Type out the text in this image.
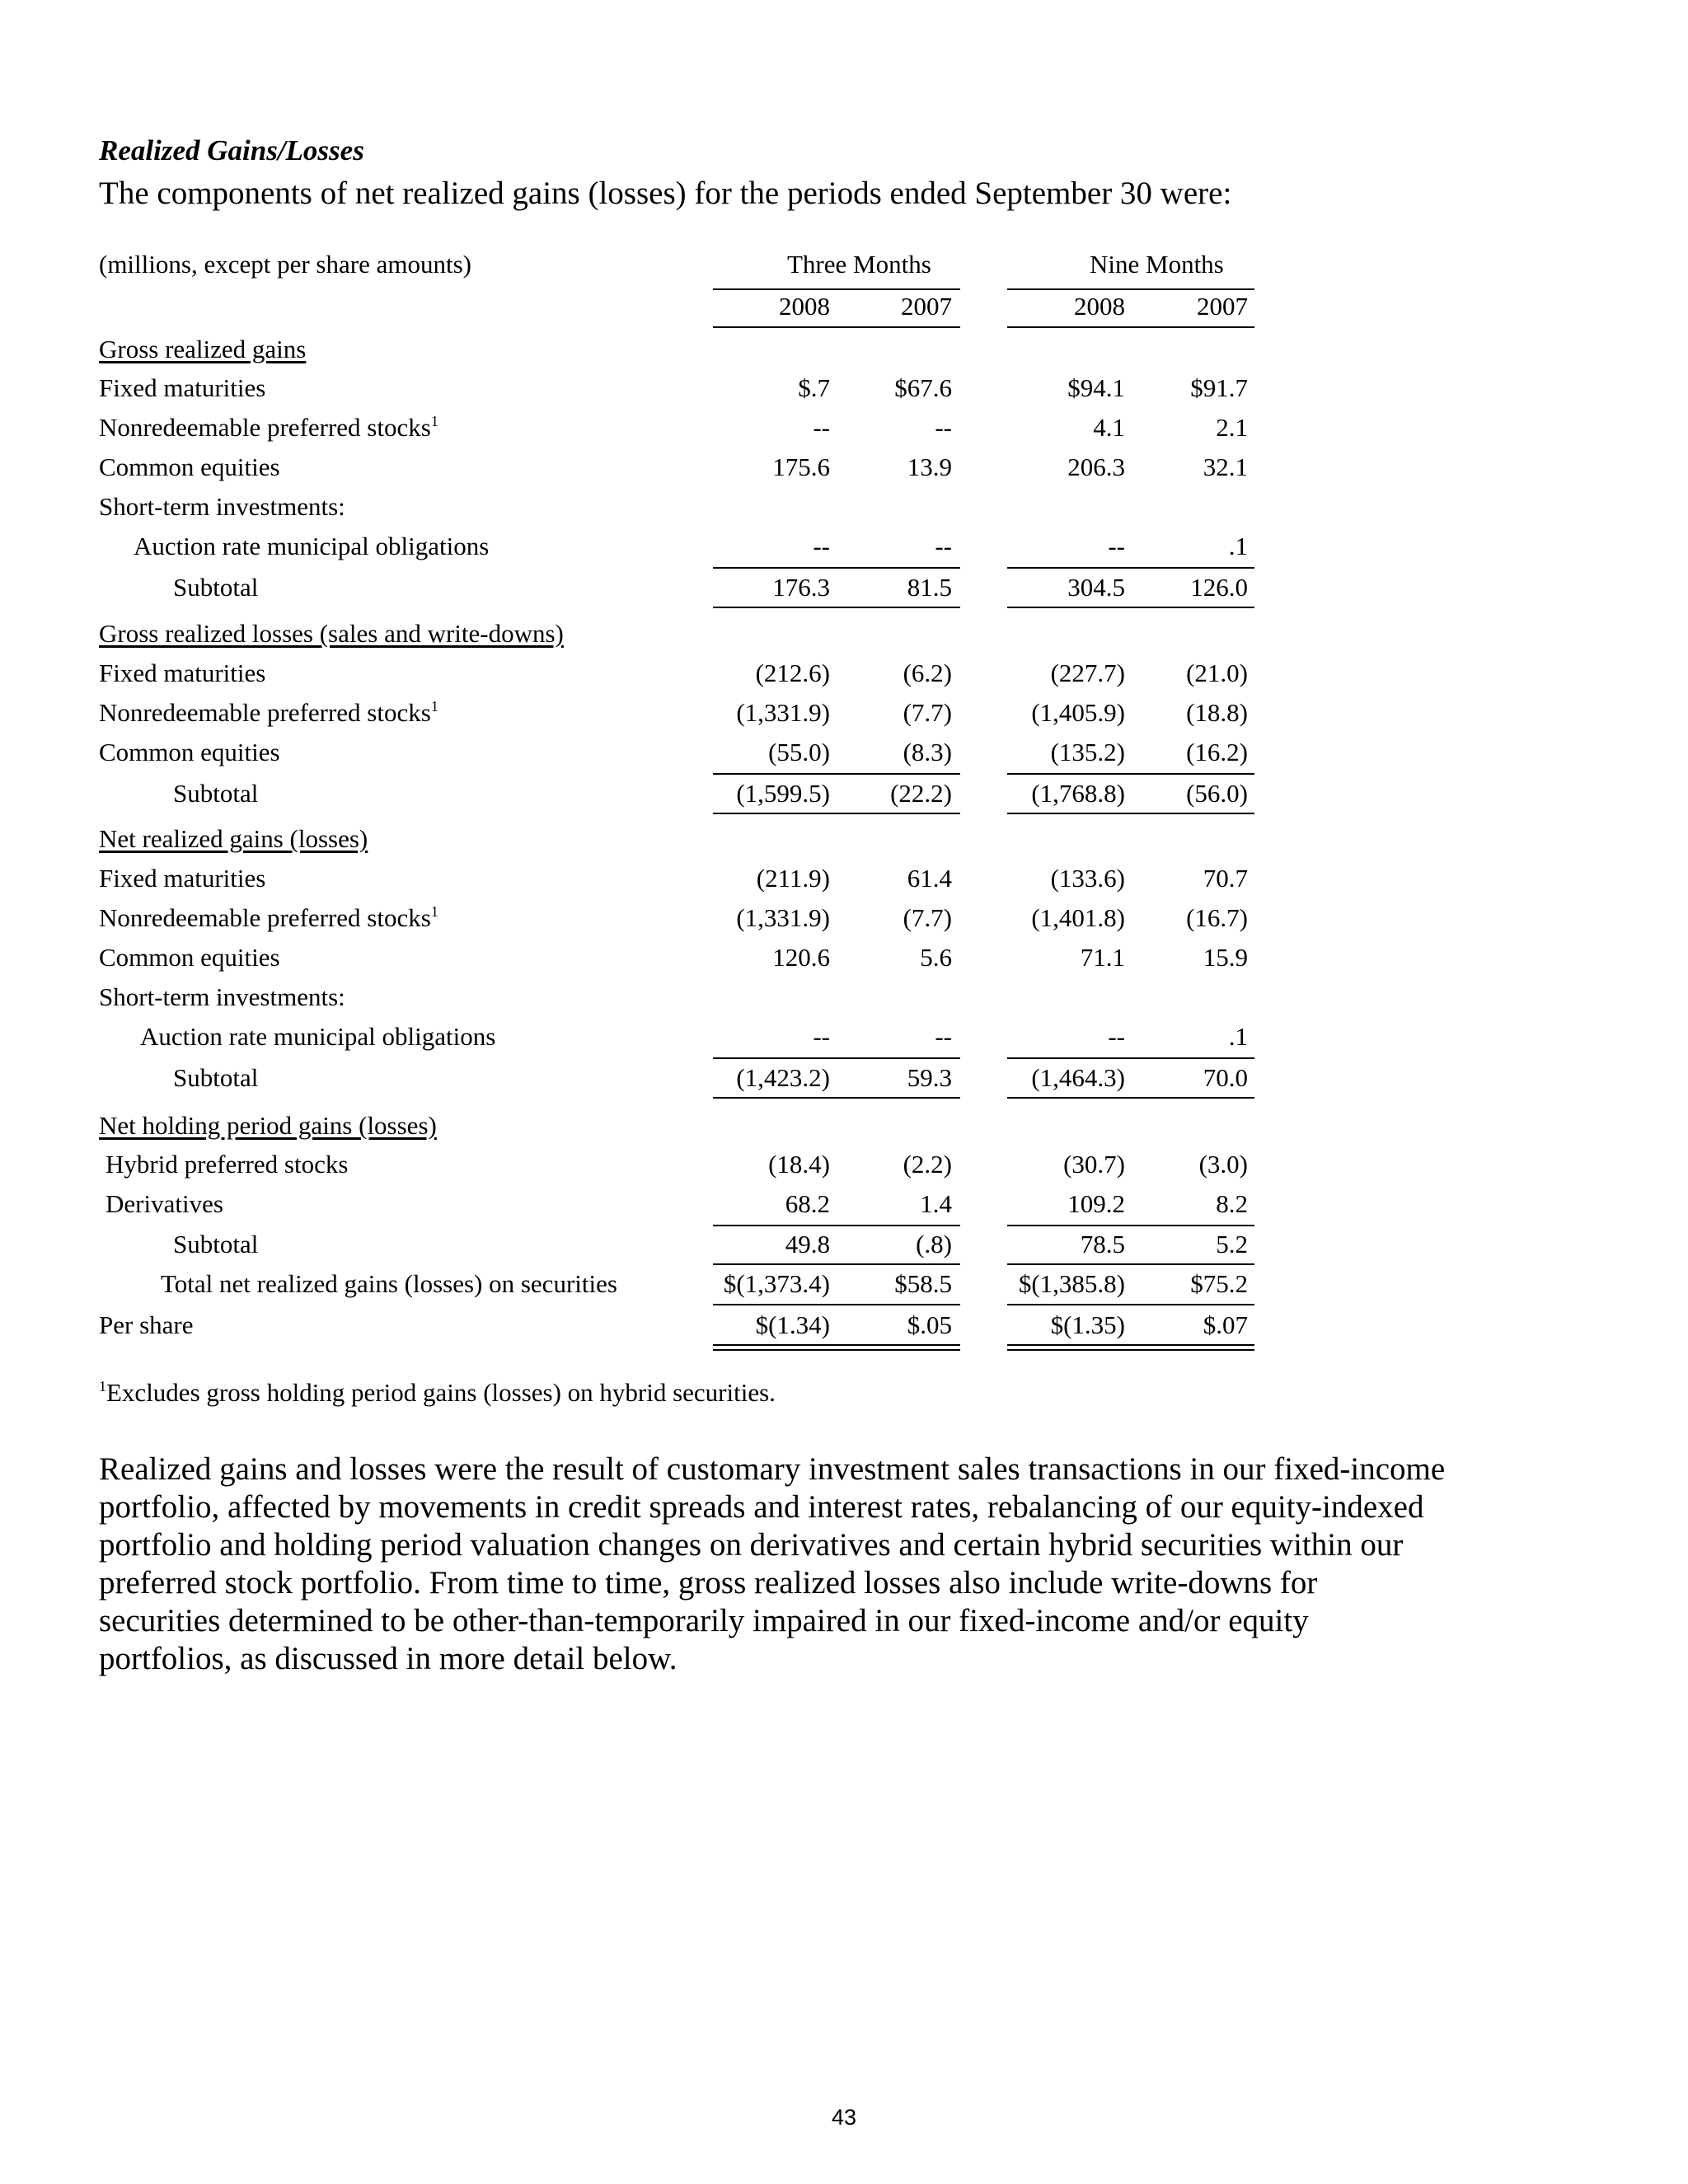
Realized Gains/Losses
The components of net realized gains (losses) for the periods ended September 30 were:
(millions, except per share amounts)	Three Months	Nine Months
2008	2007	2008	2007
Gross realized gains
Fixed maturities	$.7	$67.6	$94.1	$91.7
Nonredeemable preferred stocks$^1$	--	--	4.1	2.1
Common equities	175.6	13.9	206.3	32.1
Short-term investments:
Auction rate municipal obligations	--	--	--	.1
Subtotal	176.3	81.5	304.5	126.0
Gross realized losses (sales and write-downs)
Fixed maturities	(212.6)	(6.2)	(227.7)	(21.0)
Nonredeemable preferred stocks$^1$	(1,331.9)	(7.7)	(1,405.9)	(18.8)
Common equities	(55.0)	(8.3)	(135.2)	(16.2)
Subtotal	(1,599.5)	(22.2)	(1,768.8)	(56.0)
Net realized gains (losses)
Fixed maturities	(211.9)	61.4	(133.6)	70.7
Nonredeemable preferred stocks$^1$	(1,331.9)	(7.7)	(1,401.8)	(16.7)
Common equities	120.6	5.6	71.1	15.9
Short-term investments:
Auction rate municipal obligations	--	--	--	.1
Subtotal	(1,423.2)	59.3	(1,464.3)	70.0
Net holding period gains (losses)
Hybrid preferred stocks	(18.4)	(2.2)	(30.7)	(3.0)
Derivatives	68.2	1.4	109.2	8.2
Subtotal	49.8	(.8)	78.5	5.2
Total net realized gains (losses) on securities	$(1,373.4)	$58.5	$(1,385.8)	$75.2
Per share	$(1.34)	$.05	$(1.35)	$.07
$^1$Excludes gross holding period gains (losses) on hybrid securities.
Realized gains and losses were the result of customary investment sales transactions in our fixed-income
portfolio, affected by movements in credit spreads and interest rates, rebalancing of our equity-indexed
portfolio and holding period valuation changes on derivatives and certain hybrid securities within our
preferred stock portfolio. From time to time, gross realized losses also include write-downs for
securities determined to be other-than-temporarily impaired in our fixed-income and/or equity
portfolios, as discussed in more detail below.
43
